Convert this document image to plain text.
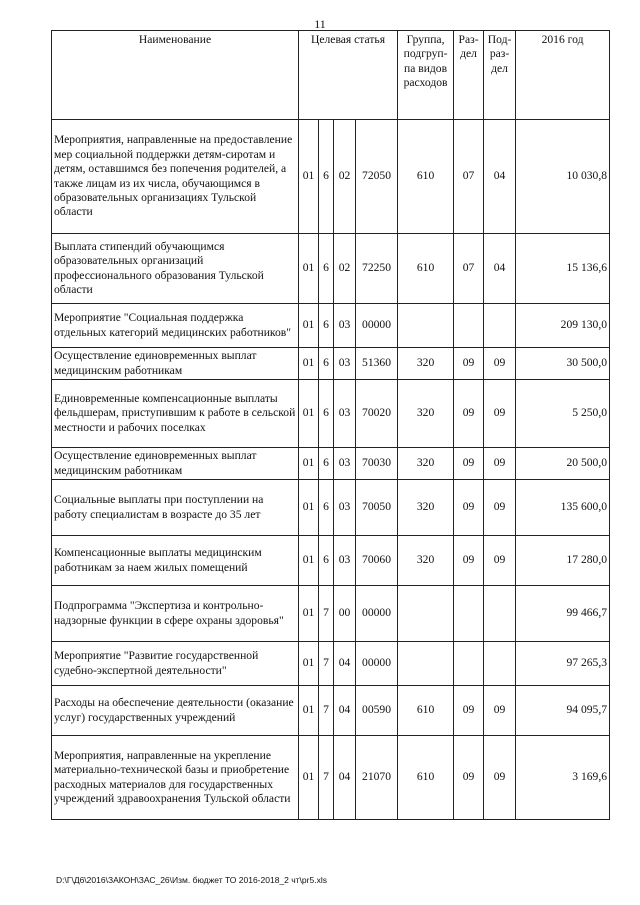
11
Наименование	Целевая статья				Группа, подгруп-па видов расходов	Раз-дел	Под-раз-дел	2016 год
Мероприятия, направленные на предоставление мер социальной поддержки детям-сиротам и детям, оставшимся без попечения родителей, а также лицам из их числа, обучающимся в образовательных организациях Тульской области	01	6	02	72050	610	07	04	10 030,8
Выплата стипендий обучающимся образовательных организаций профессионального образования Тульской области	01	6	02	72250	610	07	04	15 136,6
Мероприятие "Социальная поддержка отдельных категорий медицинских работников"	01	6	03	00000				209 130,0
Осуществление единовременных выплат медицинским работникам	01	6	03	51360	320	09	09	30 500,0
Единовременные компенсационные выплаты фельдшерам, приступившим к работе в сельской местности и рабочих поселках	01	6	03	70020	320	09	09	5 250,0
Осуществление единовременных выплат медицинским работникам	01	6	03	70030	320	09	09	20 500,0
Социальные выплаты при поступлении на работу специалистам в возрасте до 35 лет	01	6	03	70050	320	09	09	135 600,0
Компенсационные выплаты медицинским работникам за наем жилых помещений	01	6	03	70060	320	09	09	17 280,0
Подпрограмма "Экспертиза и контрольно-надзорные функции в сфере охраны здоровья"	01	7	00	00000				99 466,7
Мероприятие "Развитие государственной судебно-экспертной деятельности"	01	7	04	00000				97 265,3
Расходы на обеспечение деятельности (оказание услуг) государственных учреждений	01	7	04	00590	610	09	09	94 095,7
Мероприятия, направленные на укрепление материально-технической базы и приобретение расходных материалов для государственных учреждений здравоохранения Тульской области	01	7	04	21070	610	09	09	3 169,6
D:\Г\Д6\2016\ЗАКОН\ЗАС_26\Изм. бюджет ТО 2016-2018_2 чт\pr5.xls
